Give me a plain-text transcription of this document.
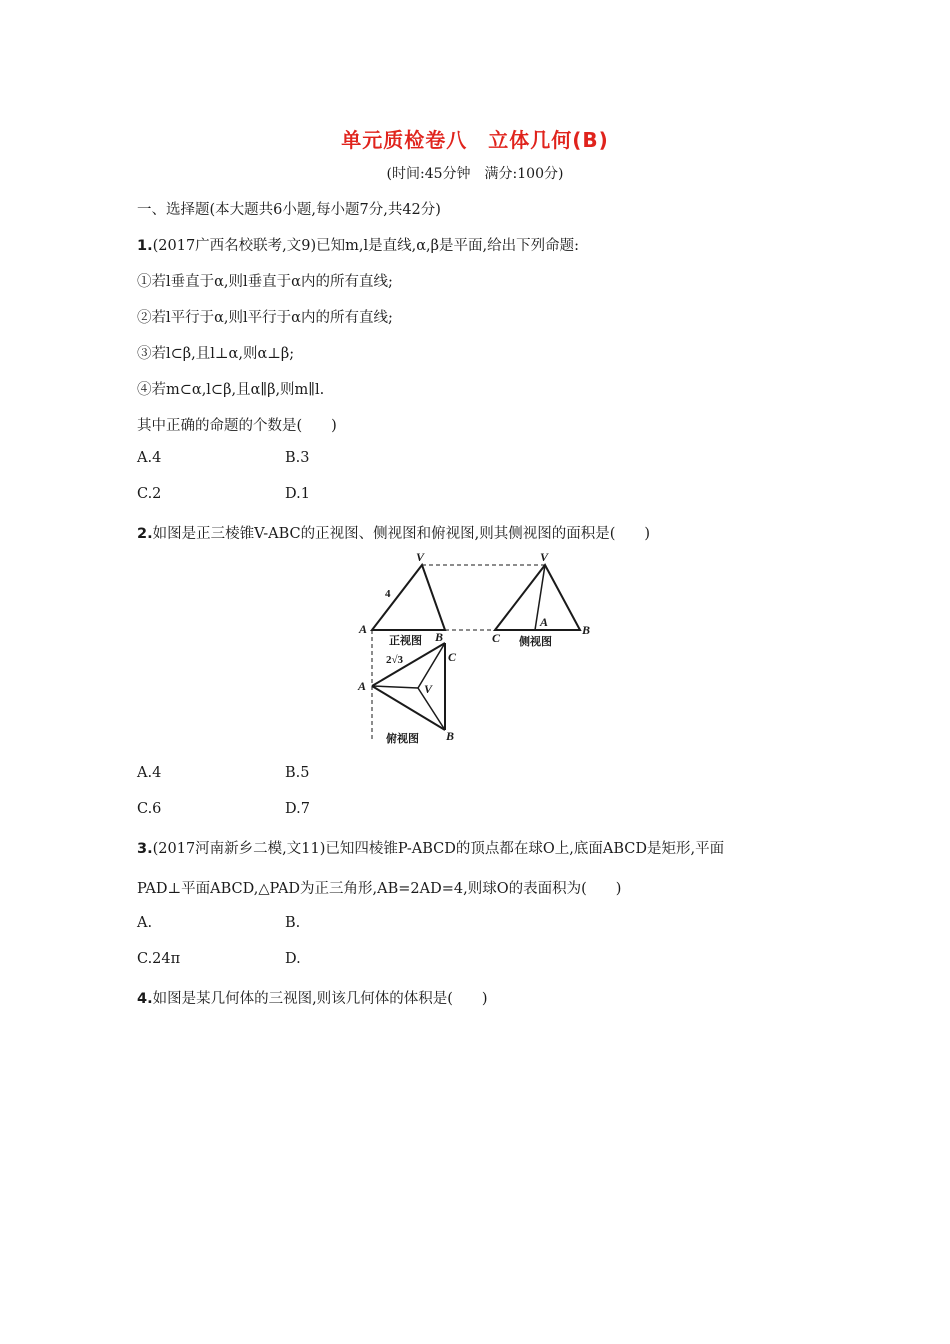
单元质检卷八　立体几何(B)
(时间:45分钟　满分:100分)
一、选择题(本大题共6小题,每小题7分,共42分)
1.(2017广西名校联考,文9)已知m,l是直线,α,β是平面,给出下列命题:
①若l垂直于α,则l垂直于α内的所有直线;
②若l平行于α,则l平行于α内的所有直线;
③若l⊂β,且l⊥α,则α⊥β;
④若m⊂α,l⊂β,且α∥β,则m∥l.
其中正确的命题的个数是(　　)
A.4	B.3
C.2	D.1
2.如图是正三棱锥V-ABC的正视图、侧视图和俯视图,则其侧视图的面积是(　　)
V
A
B
V
C
A
B
A
C
V
B
4
2√3
正视图	侧视图
俯视图
A.4	B.5
C.6	D.7
3.(2017河南新乡二模,文11)已知四棱锥P-ABCD的顶点都在球O上,底面ABCD是矩形,平面
PAD⊥平面ABCD,△PAD为正三角形,AB=2AD=4,则球O的表面积为(　　)
A.	B.
C.24π	D.
4.如图是某几何体的三视图,则该几何体的体积是(　　)
